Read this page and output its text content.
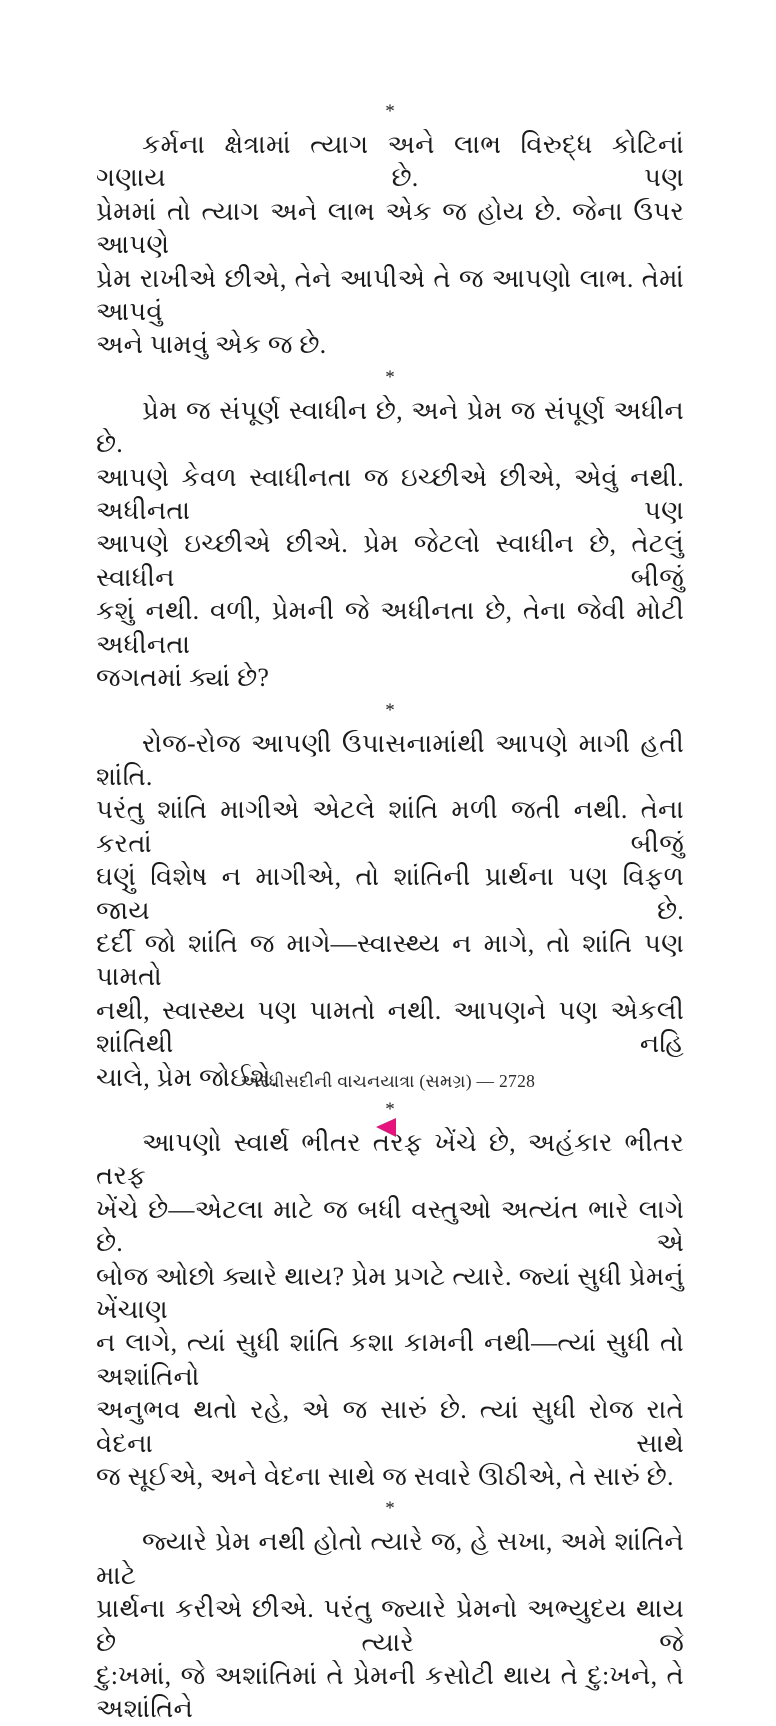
*
કર્મના ક્ષેત્રામાં ત્યાગ અને લાભ વિરુદ્ધ કોટિનાં ગણાય છે. પણ
પ્રેમમાં તો ત્યાગ અને લાભ એક જ હોય છે. જેના ઉપર આપણે
પ્રેમ રાખીએ છીએ, તેને આપીએ તે જ આપણો લાભ. તેમાં આપવું
અને પામવું એક જ છે.
*
પ્રેમ જ સંપૂર્ણ સ્વાધીન છે, અને પ્રેમ જ સંપૂર્ણ અધીન છે.
આપણે કેવળ સ્વાધીનતા જ ઇચ્છીએ છીએ, એવું નથી. અધીનતા પણ
આપણે ઇચ્છીએ છીએ. પ્રેમ જેટલો સ્વાધીન છે, તેટલું સ્વાધીન બીજું
કશું નથી. વળી, પ્રેમની જે અધીનતા છે, તેના જેવી મોટી અધીનતા
જગતમાં ક્યાં છે?
*
રોજ-રોજ આપણી ઉપાસનામાંથી આપણે માગી હતી શાંતિ.
પરંતુ શાંતિ માગીએ એટલે શાંતિ મળી જતી નથી. તેના કરતાં બીજું
ઘણું વિશેષ ન માગીએ, તો શાંતિની પ્રાર્થના પણ વિફળ જાય છે.
દર્દી જો શાંતિ જ માગે—સ્વાસ્થ્ય ન માગે, તો શાંતિ પણ પામતો
નથી, સ્વાસ્થ્ય પણ પામતો નથી. આપણને પણ એકલી શાંતિથી નહિ
ચાલે, પ્રેમ જોઈશે.
*
આપણો સ્વાર્થ ભીતર તરફ ખેંચે છે, અહંકાર ભીતર તરફ
ખેંચે છે—એટલા માટે જ બધી વસ્તુઓ અત્યંત ભારે લાગે છે. એ
બોજ ઓછો ક્યારે થાય? પ્રેમ પ્રગટે ત્યારે. જ્યાં સુધી પ્રેમનું ખેંચાણ
ન લાગે, ત્યાં સુધી શાંતિ કશા કામની નથી—ત્યાં સુધી તો અશાંતિનો
અનુભવ થતો રહે, એ જ સારું છે. ત્યાં સુધી રોજ રાતે વેદના સાથે
જ સૂઈએ, અને વેદના સાથે જ સવારે ઊઠીએ, તે સારું છે.
*
જ્યારે પ્રેમ નથી હોતો ત્યારે જ, હે સખા, અમે શાંતિને માટે
પ્રાર્થના કરીએ છીએ. પરંતુ જ્યારે પ્રેમનો અભ્યુદય થાય છે ત્યારે જે
દુ:ખમાં, જે અશાંતિમાં તે પ્રેમની કસોટી થાય તે દુ:ખને, તે અશાંતિને
અરધીસદીની વાચનયાત્રા (સમગ્ર) — 2728
